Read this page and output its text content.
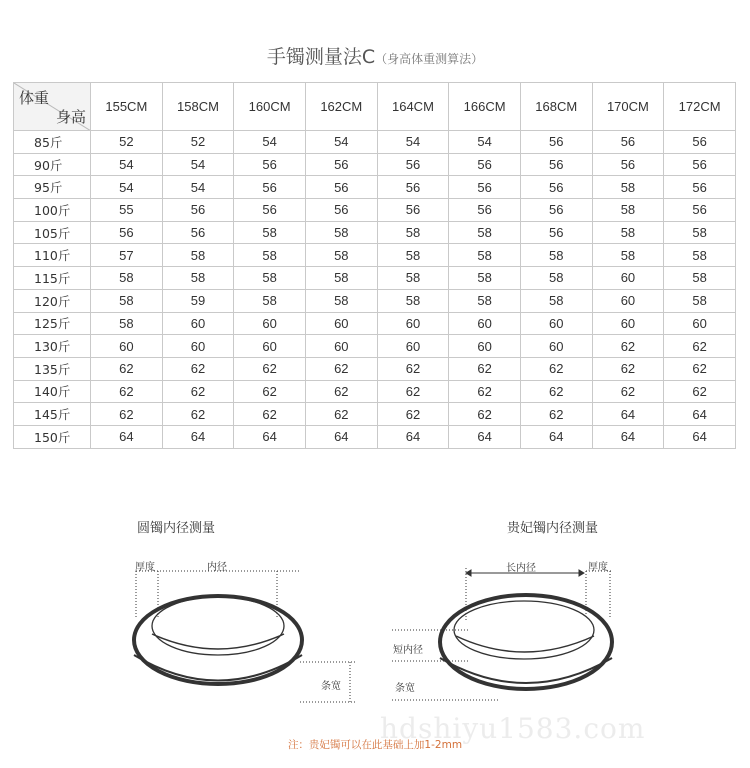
手镯测量法C（身高体重测算法）
体重
身高	155CM	158CM	160CM	162CM	164CM	166CM	168CM	170CM	172CM
85斤	52	52	54	54	54	54	56	56	56
90斤	54	54	56	56	56	56	56	56	56
95斤	54	54	56	56	56	56	56	58	56
100斤	55	56	56	56	56	56	56	58	56
105斤	56	56	58	58	58	58	56	58	58
110斤	57	58	58	58	58	58	58	58	58
115斤	58	58	58	58	58	58	58	60	58
120斤	58	59	58	58	58	58	58	60	58
125斤	58	60	60	60	60	60	60	60	60
130斤	60	60	60	60	60	60	60	62	62
135斤	62	62	62	62	62	62	62	62	62
140斤	62	62	62	62	62	62	62	62	62
145斤	62	62	62	62	62	62	62	64	64
150斤	64	64	64	64	64	64	64	64	64
圆镯内径测量
厚度	内径
条宽
贵妃镯内径测量
长内径	厚度
短内径
条宽
hdshiyu1583.com
注：贵妃镯可以在此基础上加1-2mm
